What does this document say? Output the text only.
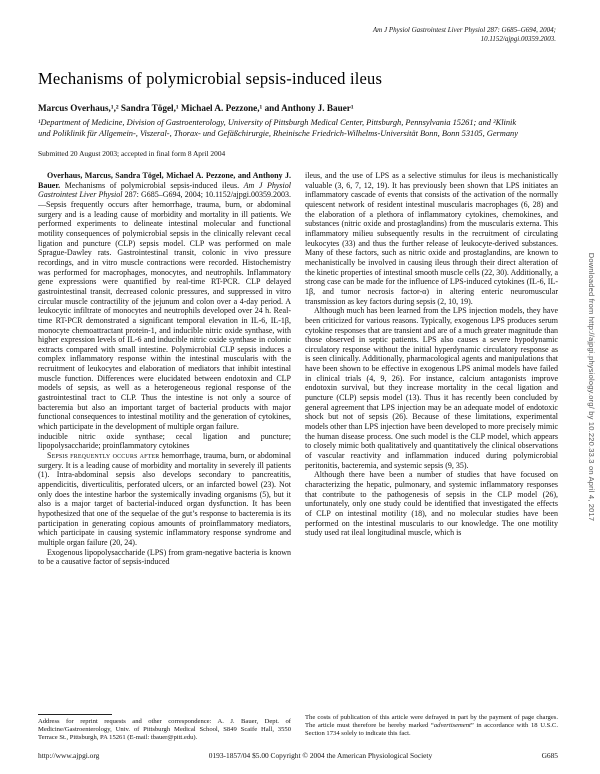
Am J Physiol Gastrointest Liver Physiol 287: G685–G694, 2004;
10.1152/ajpgi.00359.2003.
Mechanisms of polymicrobial sepsis-induced ileus
Marcus Overhaus,¹,² Sandra Tögel,¹ Michael A. Pezzone,¹ and Anthony J. Bauer¹
¹Department of Medicine, Division of Gastroenterology, University of Pittsburgh Medical Center, Pittsburgh, Pennsylvania 15261; and ²Klinik und Poliklinik für Allgemein-, Viszeral-, Thorax- und Gefäßchirurgie, Rheinische Friedrich-Wilhelms-Universität Bonn, Bonn 53105, Germany
Submitted 20 August 2003; accepted in final form 8 April 2004

Overhaus, Marcus, Sandra Tögel, Michael A. Pezzone, and Anthony J. Bauer. Mechanisms of polymicrobial sepsis-induced ileus. Am J Physiol Gastrointest Liver Physiol 287: G685–G694, 2004; 10.1152/ajpgi.00359.2003.—Sepsis frequently occurs after hemorrhage, trauma, burn, or abdominal surgery and is a leading cause of morbidity and mortality in ill patients. We performed experiments to delineate intestinal molecular and functional motility consequences of polymicrobial sepsis in the clinically relevant cecal ligation and puncture (CLP) sepsis model. CLP was performed on male Sprague-Dawley rats. Gastrointestinal transit, colonic in vivo pressure recordings, and in vitro muscle contractions were recorded. Histochemistry was performed for macrophages, monocytes, and neutrophils. Inflammatory gene expressions were quantified by real-time RT-PCR. CLP delayed gastrointestinal transit, decreased colonic pressures, and suppressed in vitro circular muscle contractility of the jejunum and colon over a 4-day period. A leukocytic infiltrate of monocytes and neutrophils developed over 24 h. Real-time RT-PCR demonstrated a significant temporal elevation in IL-6, IL-1β, monocyte chemoattractant protein-1, and inducible nitric oxide synthase, with higher expression levels of IL-6 and inducible nitric oxide synthase in colonic extracts compared with small intestine. Polymicrobial CLP sepsis induces a complex inflammatory response within the intestinal muscularis with the recruitment of leukocytes and elaboration of mediators that inhibit intestinal muscle function. Differences were elucidated between endotoxin and CLP models of sepsis, as well as a heterogeneous regional response of the gastrointestinal tract to CLP. Thus the intestine is not only a source of bacteremia but also an important target of bacterial products with major functional consequences to intestinal motility and the generation of cytokines, which participate in the development of multiple organ failure.

inducible nitric oxide synthase; cecal ligation and puncture; lipopolysaccharide; proinflammatory cytokines

Sepsis frequently occurs after hemorrhage, trauma, burn, or abdominal surgery. It is a leading cause of morbidity and mortality in severely ill patients (1). Intra-abdominal sepsis also develops secondary to pancreatitis, appendicitis, diverticulitis, perforated ulcers, or an infarcted bowel (23). Not only does the intestine harbor the systemically invading organisms (5), but it also is a major target of bacterial-induced organ dysfunction. It has been hypothesized that one of the sequelae of the gut’s response to bacteremia is its participation in generating copious amounts of proinflammatory mediators, which participate in causing systemic inflammatory response syndrome and multiple organ failure (20, 24).

Exogenous lipopolysaccharide (LPS) from gram-negative bacteria is known to be a causative factor of sepsis-induced

ileus, and the use of LPS as a selective stimulus for ileus is mechanistically valuable (3, 6, 7, 12, 19). It has previously been shown that LPS initiates an inflammatory cascade of events that consists of the activation of the normally quiescent network of resident intestinal muscularis macrophages (6, 28) and the elaboration of a plethora of inflammatory cytokines, chemokines, and substances (nitric oxide and prostaglandins) from the muscularis externa. This inflammatory milieu subsequently results in the recruitment of circulating leukocytes (33) and thus the further release of leukocyte-derived substances. Many of these factors, such as nitric oxide and prostaglandins, are known to mechanistically be involved in causing ileus through their direct alteration of the kinetic properties of intestinal smooth muscle cells (22, 30). Additionally, a strong case can be made for the influence of LPS-induced cytokines (IL-6, IL-1β, and tumor necrosis factor-α) in altering enteric neuromuscular transmission as key factors during sepsis (2, 10, 19).

Although much has been learned from the LPS injection models, they have been criticized for various reasons. Typically, exogenous LPS produces serum cytokine responses that are transient and are of a much greater magnitude than those observed in septic patients. LPS also causes a severe hypodynamic circulatory response without the initial hyperdynamic circulatory response as is seen clinically. Additionally, pharmacological agents and manipulations that have been shown to be effective in exogenous LPS animal models have failed in clinical trials (4, 9, 26). For instance, calcium antagonists improve endotoxin survival, but they increase mortality in the cecal ligation and puncture (CLP) sepsis model (13). Thus it has recently been concluded by general agreement that LPS injection may be an adequate model of endotoxic shock but not of sepsis (26). Because of these limitations, experimental models other than LPS injection have been developed to more precisely mimic the human disease process. One such model is the CLP model, which appears to closely mimic both qualitatively and quantitatively the clinical observations of vascular reactivity and inflammation induced during polymicrobial peritonitis, bacteremia, and systemic sepsis (9, 35).

Although there have been a number of studies that have focused on characterizing the hepatic, pulmonary, and systemic inflammatory responses that contribute to the pathogenesis of sepsis in the CLP model (26), unfortunately, only one study could be identified that investigated the effects of CLP on intestinal motility (18), and no molecular studies have been performed on the intestinal muscularis to our knowledge. The one motility study used rat ileal longitudinal muscle, which is

Address for reprint requests and other correspondence: A. J. Bauer, Dept. of Medicine/Gastroenterology, Univ. of Pittsburgh Medical School, S849 Scaife Hall, 3550 Terrace St., Pittsburgh, PA 15261 (E-mail: tbauer@pitt.edu).
The costs of publication of this article were defrayed in part by the payment of page charges. The article must therefore be hereby marked “advertisement” in accordance with 18 U.S.C. Section 1734 solely to indicate this fact.
http://www.ajpgi.org	0193-1857/04 $5.00 Copyright © 2004 the American Physiological Society	G685
Downloaded from http://ajpgi.physiology.org/ by 10.220.33.3 on April 4, 2017
